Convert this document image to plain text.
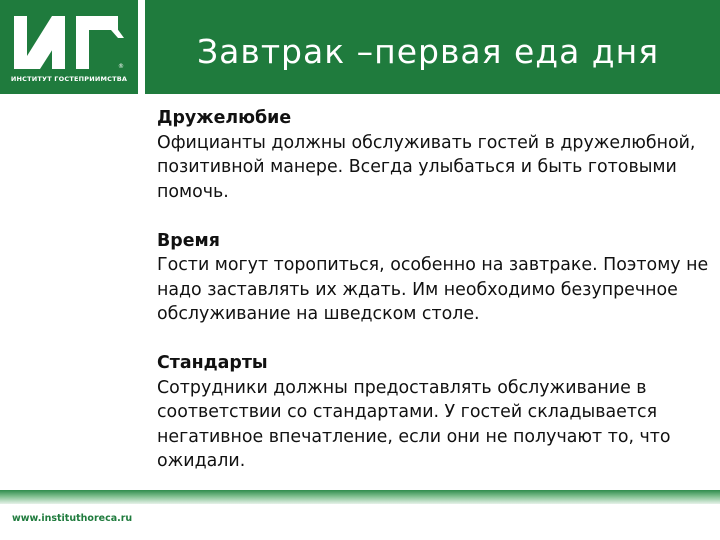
®
ИНСТИТУТ ГОСТЕПРИИМСТВА
Завтрак –первая еда дня
Дружелюбие
Официанты должны обслуживать гостей в дружелюбной, позитивной манере. Всегда улыбаться и быть готовыми помочь.
Время
Гости могут торопиться, особенно на завтраке. Поэтому не надо заставлять их ждать. Им необходимо безупречное обслуживание на шведском столе.
Стандарты
Сотрудники должны предоставлять обслуживание в соответствии со стандартами. У гостей складывается негативное впечатление, если они не получают то, что ожидали.
www.instituthoreca.ru
